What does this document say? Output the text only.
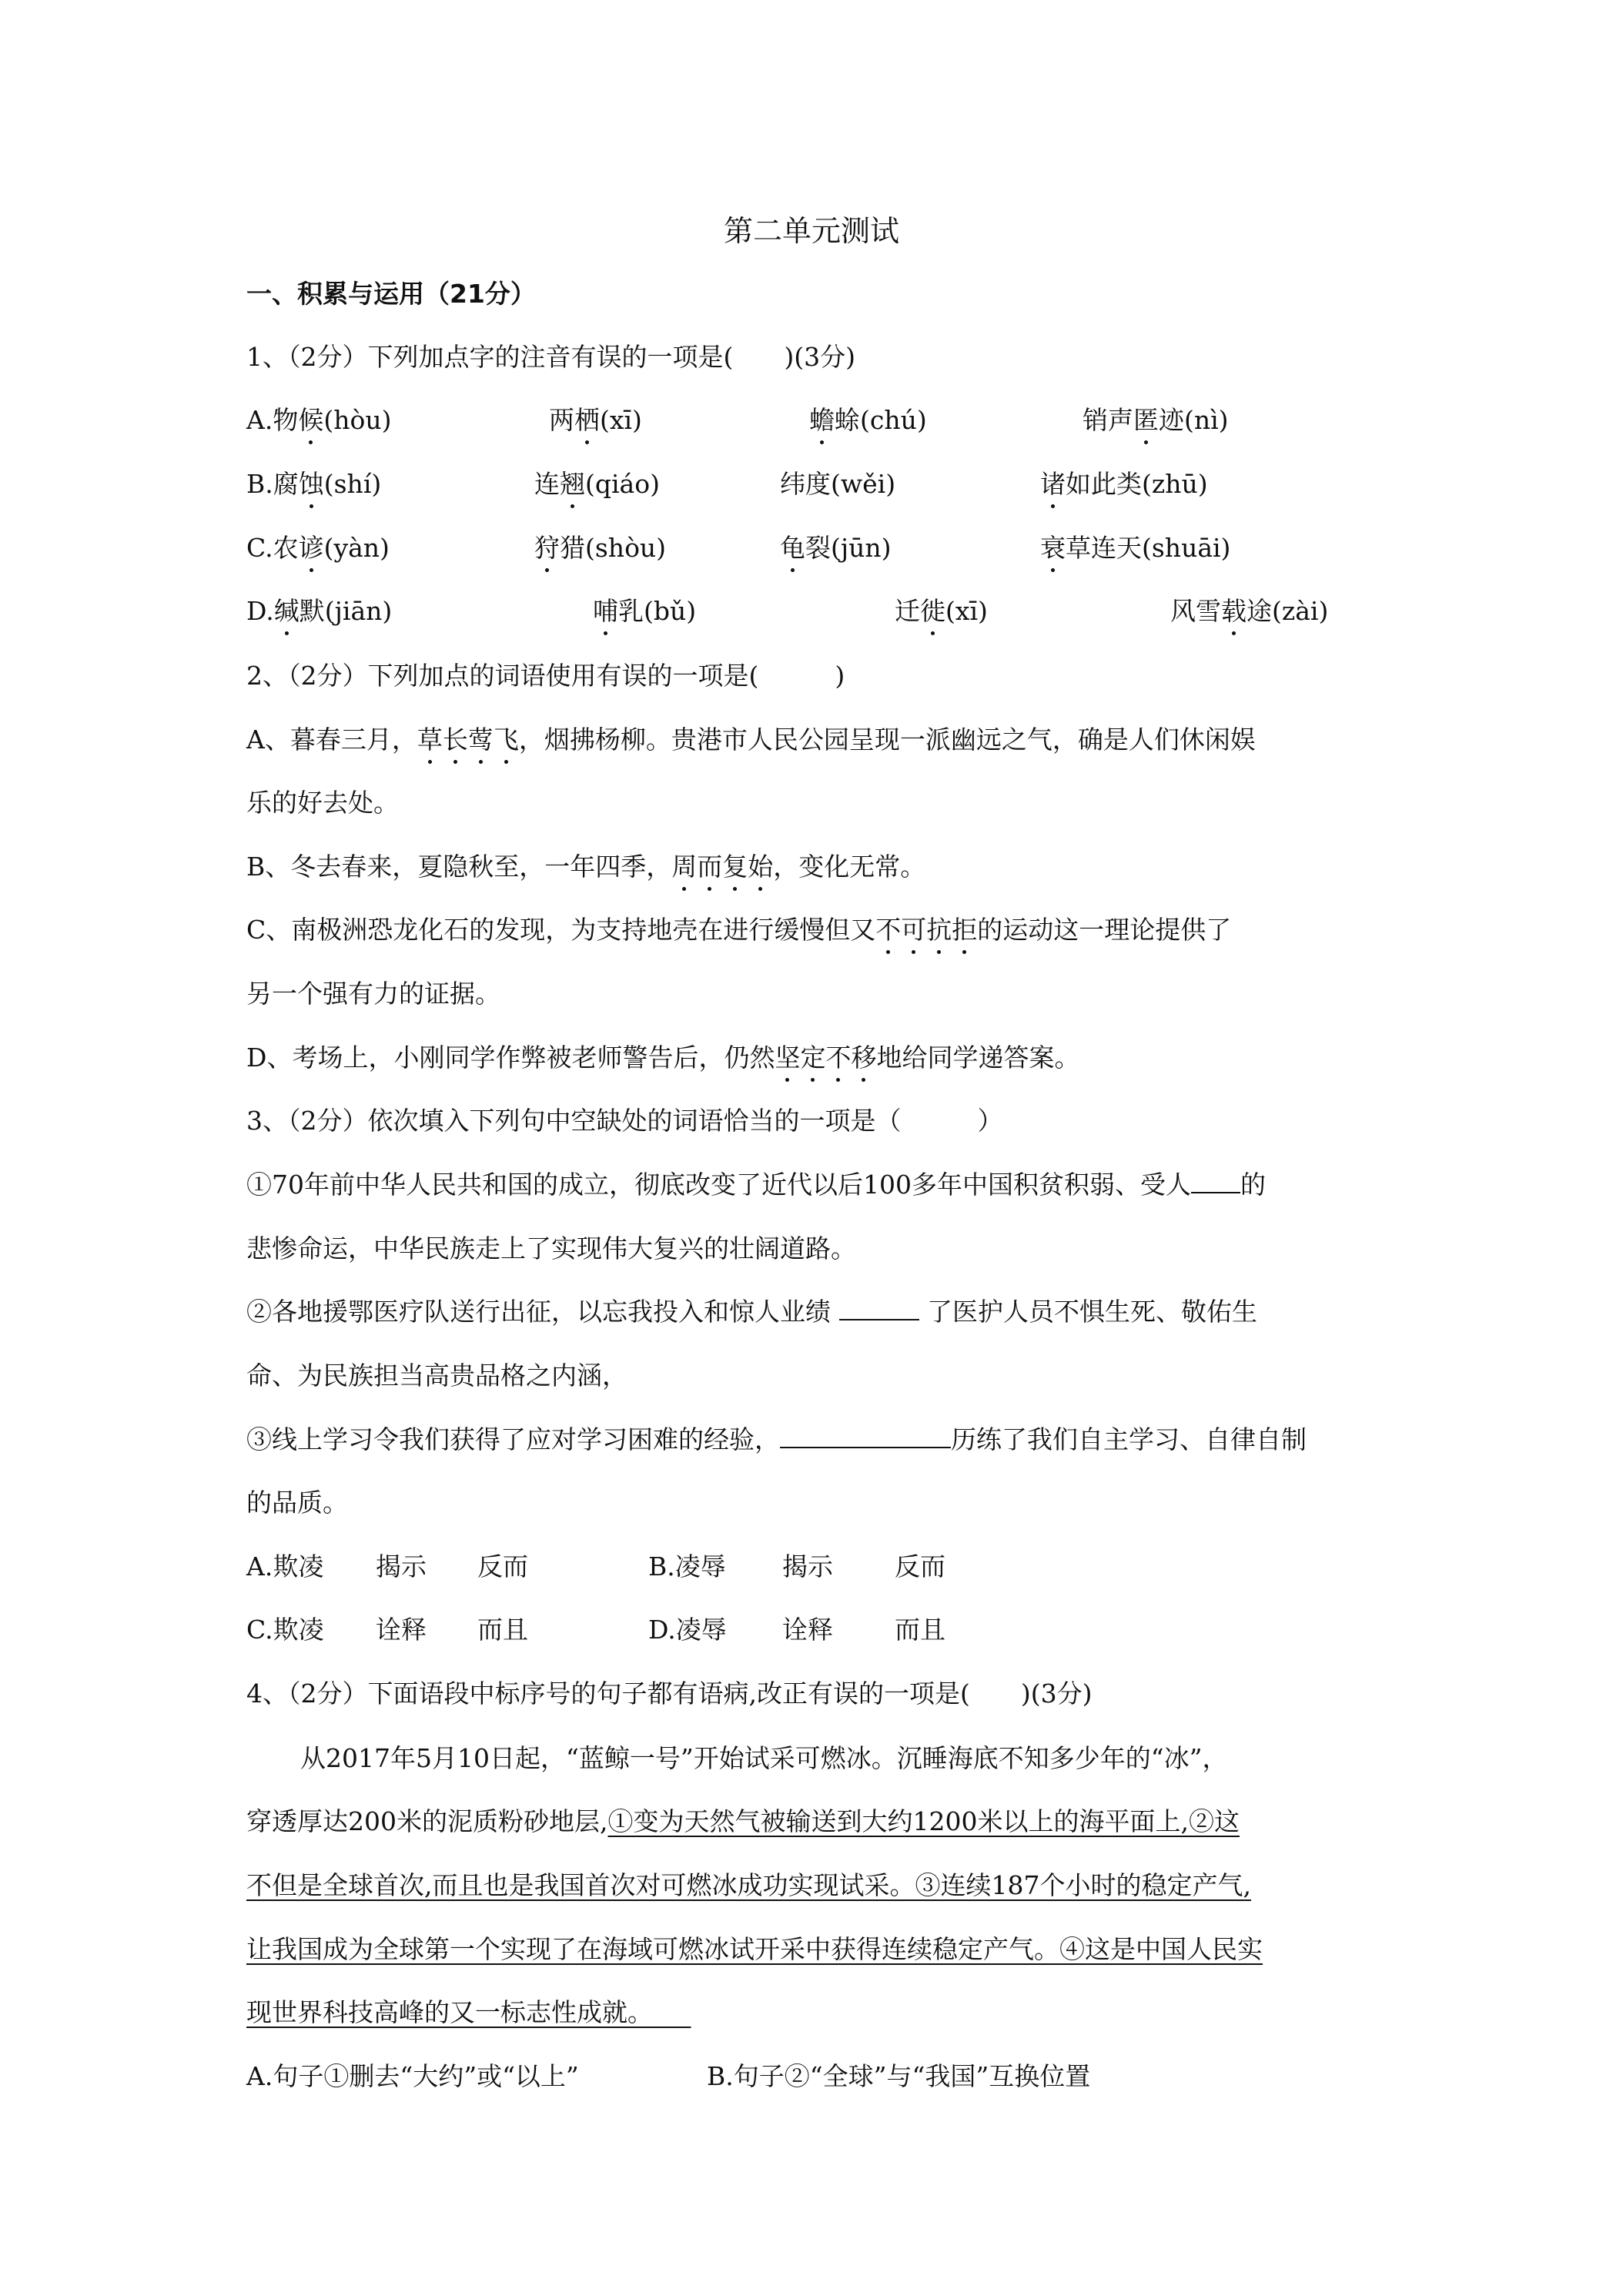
第二单元测试
一、积累与运用（21分）
1、（2分）下列加点字的注音有误的一项是(　　)(3分)
A.物候(hòu)	两栖(xī)	蟾蜍(chú)	销声匿迹(nì)
B.腐蚀(shí)	连翘(qiáo)	纬度(wěi)	诸如此类(zhū)
C.农谚(yàn)	狩猎(shòu)	龟裂(jūn)	衰草连天(shuāi)
D.缄默(jiān)	哺乳(bǔ)	迁徙(xī)	风雪载途(zài)
2、（2分）下列加点的词语使用有误的一项是(　　　)
A、暮春三月，草长莺飞，烟拂杨柳。贵港市人民公园呈现一派幽远之气，确是人们休闲娱
乐的好去处。
B、冬去春来，夏隐秋至，一年四季，周而复始，变化无常。
C、南极洲恐龙化石的发现，为支持地壳在进行缓慢但又不可抗拒的运动这一理论提供了
另一个强有力的证据。
D、考场上，小刚同学作弊被老师警告后，仍然坚定不移地给同学递答案。
3、（2分）依次填入下列句中空缺处的词语恰当的一项是（　　　）
①70年前中华人民共和国的成立，彻底改变了近代以后100多年中国积贫积弱、受人 的
悲惨命运，中华民族走上了实现伟大复兴的壮阔道路。
②各地援鄂医疗队送行出征，以忘我投入和惊人业绩	了医护人员不惧生死、敬佑生
命、为民族担当高贵品格之内涵，
③线上学习令我们获得了应对学习困难的经验，	历练了我们自主学习、自律自制
的品质。
A.欺凌 揭示 反而	B.凌辱 揭示 反而
C.欺凌 诠释 而且	D.凌辱 诠释 而且
4、（2分）下面语段中标序号的句子都有语病,改正有误的一项是(　　)(3分)
从2017年5月10日起，“蓝鲸一号”开始试采可燃冰。沉睡海底不知多少年的“冰”，
穿透厚达200米的泥质粉砂地层,①变为天然气被输送到大约1200米以上的海平面上,②这
不但是全球首次,而且也是我国首次对可燃冰成功实现试采。③连续187个小时的稳定产气,
让我国成为全球第一个实现了在海域可燃冰试开采中获得连续稳定产气。④这是中国人民实
现世界科技高峰的又一标志性成就。　　
A.句子①删去“大约”或“以上”	B.句子②“全球”与“我国”互换位置
